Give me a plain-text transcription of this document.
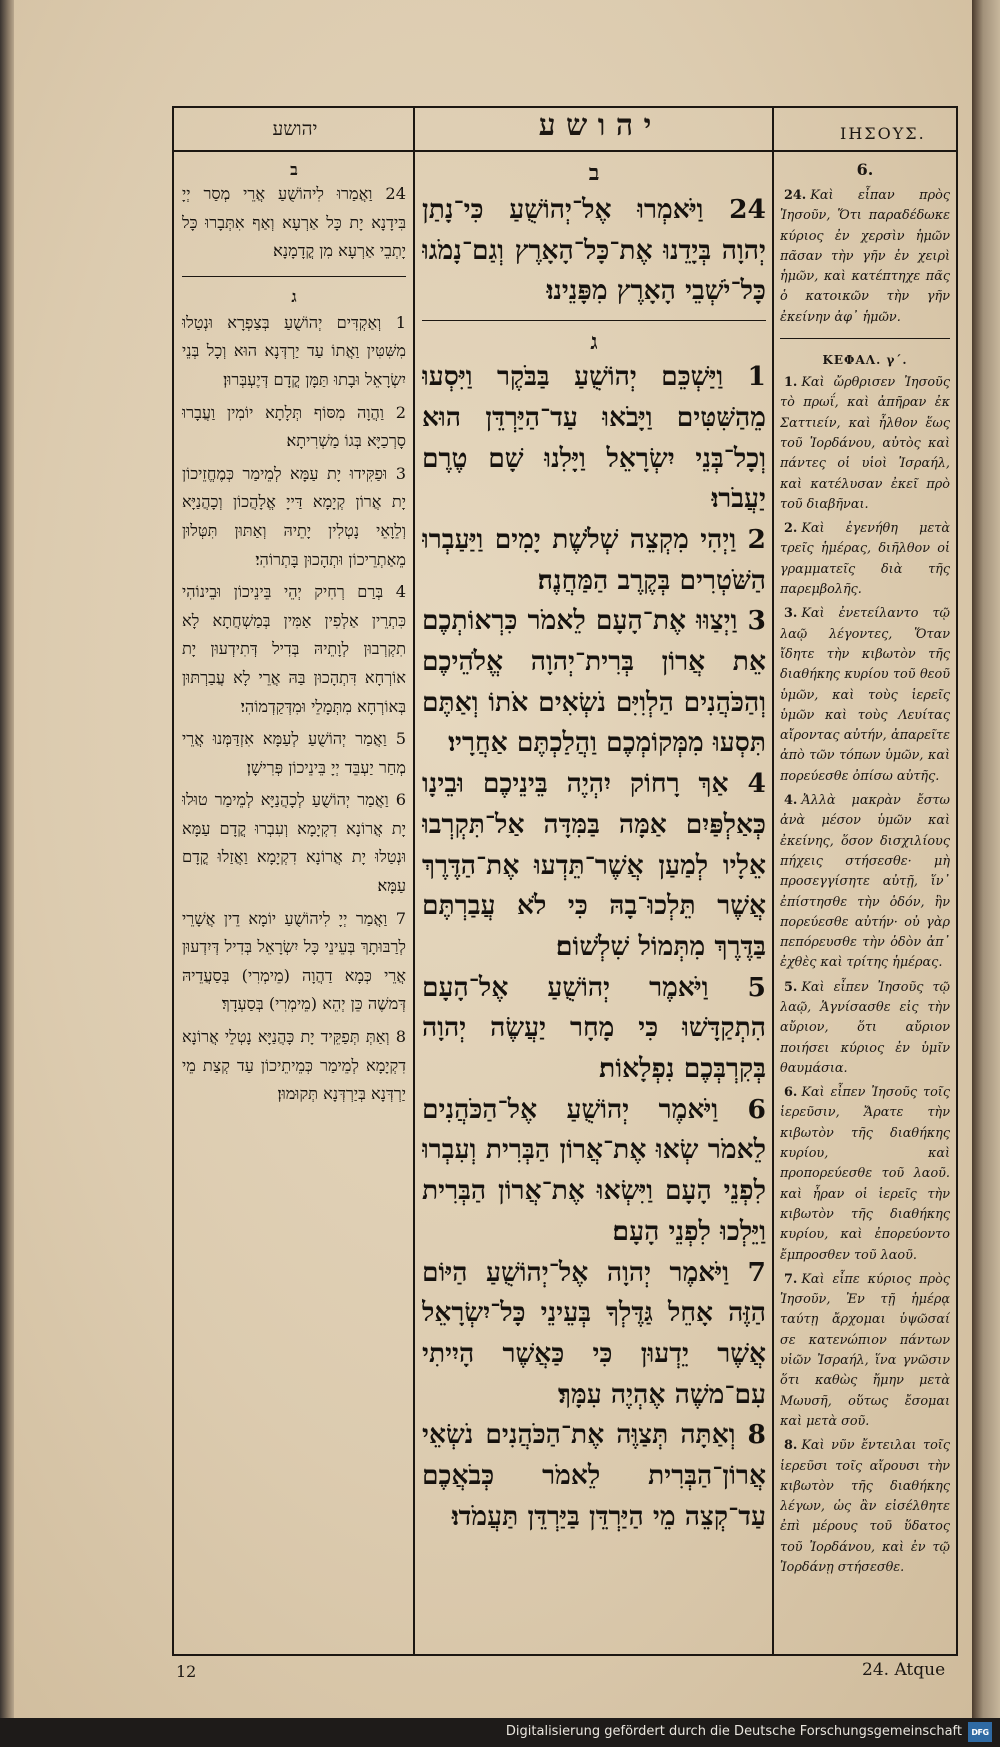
יהושע	י ה ו ש ע	ΙΗΣΟΥΣ.
ב

24 וַאֲמַרוּ לִיהוֹשֻׁעַ אֲרֵי מְסַר יְיָ בִּידָנָא יָת כָּל אַרְעָא וְאַף אִתְּבָרוּ כָּל יָתְבֵי אַרְעָא מִן קֳדָמָנָא׃

ג

1 וְאַקְדִּים יְהוֹשֻׁעַ בְּצַפְרָא וּנְטַלוּ מִשִּׁטִּין וַאֲתוֹ עַד יַרְדְּנָא הוּא וְכָל בְּנֵי יִשְׂרָאֵל וּבָתוּ תַּמָּן קֳדָם דְּיֶעְבְּרוּן׃

2 וַהֲוָה מִסּוֹף תְּלָתָא יוֹמִין וַעֲבָרוּ סָרְכַיָּא בְּגוֹ מַשְׁרִיתָא׃

3 וּפַקִּידוּ יָת עַמָּא לְמֵימַר כְּמֶחֱזֵיכוֹן יָת אֲרוֹן קְיָמָא דַּייָ אֱלָהֲכוֹן וְכָהֲנַיָּא וְלֵוָאֵי נָטְלִין יָתֵיהּ וְאַתּוּן תִּטְּלוּן מֵאַתְרֵיכוֹן וּתְהָכוּן בָּתְרוֹהִי׃

4 בְּרַם רְחִיק יְהֵי בֵּינֵיכוֹן וּבֵינוֹהִי כִּתְרֵין אַלְפִין אַמִּין בְּמַשְׁחֲתָא לָא תִקְרְבוּן לְוָתֵיהּ בְּדִיל דְּתִידְעוּן יָת אוֹרְחָא דִּתְהָכוּן בַּהּ אֲרֵי לָא עֲבַרְתּוּן בְּאוֹרְחָא מִתְּמָלֵי וּמִדְּקַדְמוֹהִי׃

5 וַאֲמַר יְהוֹשֻׁעַ לְעַמָּא אִזְדַּמְּנוּ אֲרֵי מְחַר יַעְבֵּד יְיָ בֵּינֵיכוֹן פְּרִישָׁן׃

6 וַאֲמַר יְהוֹשֻׁעַ לְכָהֲנַיָּא לְמֵימַר טוּלוּ יָת אֲרוֹנָא דִקְיָמָא וְעִבְרוּ קֳדָם עַמָּא וּנְטַלוּ יָת אֲרוֹנָא דִקְיָמָא וַאֲזַלוּ קֳדָם עַמָּא׃

7 וַאֲמַר יְיָ לִיהוֹשֻׁעַ יוֹמָא דֵין אֲשָׁרֵי לְרַבּוּתָךְ בְּעֵינֵי כָּל יִשְׂרָאֵל בְּדִיל דְּיִדְעוּן אֲרֵי כְּמָא דַהֲוָה (מֵימְרִי) בְּסַעֲדֵיהּ דְּמשֶׁה כֵּן יְהֵא (מֵימְרִי) בְּסַעְדָךְ׃

8 וְאַתְּ תְּפַקֵּיד יָת כָּהֲנַיָּא נָטְלֵי אֲרוֹנָא דִקְיָמָא לְמֵימַר כְּמֵיתֵיכוֹן עַד קְצַת מֵי יַרְדְּנָא בְּיַרְדְּנָא תְּקוּמוּן׃

ב

24 וַיֹּאמְרוּ אֶל־יְהוֹשֻׁעַ כִּי־נָתַן יְהוָה בְּיָדֵנוּ אֶת־כָּל־הָאָרֶץ וְגַם־נָמֹגוּ כָּל־יֹשְׁבֵי הָאָרֶץ מִפָּנֵינוּ׃

ג

1 וַיַּשְׁכֵּם יְהוֹשֻׁעַ בַּבֹּקֶר וַיִּסְעוּ מֵהַשִּׁטִּים וַיָּבֹאוּ עַד־הַיַּרְדֵּן הוּא וְכָל־בְּנֵי יִשְׂרָאֵל וַיָּלִנוּ שָׁם טֶרֶם יַעֲבֹרוּ׃

2 וַיְהִי מִקְצֵה שְׁלֹשֶׁת יָמִים וַיַּעַבְרוּ הַשֹּׁטְרִים בְּקֶרֶב הַמַּחֲנֶה׃

3 וַיְצַוּוּ אֶת־הָעָם לֵאמֹר כִּרְאוֹתְכֶם אֵת אֲרוֹן בְּרִית־יְהוָה אֱלֹהֵיכֶם וְהַכֹּהֲנִים הַלְוִיִּם נֹשְׂאִים אֹתוֹ וְאַתֶּם תִּסְעוּ מִמְּקוֹמְכֶם וַהֲלַכְתֶּם אַחֲרָיו׃

4 אַךְ רָחוֹק יִהְיֶה בֵּינֵיכֶם וּבֵינָו כְּאַלְפַּיִם אַמָּה בַּמִּדָּה אַל־תִּקְרְבוּ אֵלָיו לְמַעַן אֲשֶׁר־תֵּדְעוּ אֶת־הַדֶּרֶךְ אֲשֶׁר תֵּלְכוּ־בָהּ כִּי לֹא עֲבַרְתֶּם בַּדֶּרֶךְ מִתְּמוֹל שִׁלְשׁוֹם׃

5 וַיֹּאמֶר יְהוֹשֻׁעַ אֶל־הָעָם הִתְקַדָּשׁוּ כִּי מָחָר יַעֲשֶׂה יְהוָה בְּקִרְבְּכֶם נִפְלָאוֹת׃

6 וַיֹּאמֶר יְהוֹשֻׁעַ אֶל־הַכֹּהֲנִים לֵאמֹר שְׂאוּ אֶת־אֲרוֹן הַבְּרִית וְעִבְרוּ לִפְנֵי הָעָם וַיִּשְׂאוּ אֶת־אֲרוֹן הַבְּרִית וַיֵּלְכוּ לִפְנֵי הָעָם׃

7 וַיֹּאמֶר יְהוָה אֶל־יְהוֹשֻׁעַ הַיּוֹם הַזֶּה אָחֵל גַּדֶּלְךָ בְּעֵינֵי כָּל־יִשְׂרָאֵל אֲשֶׁר יֵדְעוּן כִּי כַּאֲשֶׁר הָיִיתִי עִם־משֶׁה אֶהְיֶה עִמָּךְ׃

8 וְאַתָּה תְּצַוֶּה אֶת־הַכֹּהֲנִים נֹשְׂאֵי אֲרוֹן־הַבְּרִית לֵאמֹר כְּבֹאֲכֶם עַד־קְצֵה מֵי הַיַּרְדֵּן בַּיַּרְדֵּן תַּעֲמֹדוּ׃

6.

24. Καὶ εἶπαν πρὸς Ἰησοῦν, Ὅτι παραδέδωκε κύριος ἐν χερσὶν ἡμῶν πᾶσαν τὴν γῆν ἐν χειρὶ ἡμῶν, καὶ κατέπτηχε πᾶς ὁ κατοικῶν τὴν γῆν ἐκείνην ἀφ᾽ ἡμῶν.

ΚΕΦΑΛ. γ΄.

1. Καὶ ὤρθρισεν Ἰησοῦς τὸ πρωΐ, καὶ ἀπῆραν ἐκ Σαττιείν, καὶ ἦλθον ἕως τοῦ Ἰορδάνου, αὐτὸς καὶ πάντες οἱ υἱοὶ Ἰσραήλ, καὶ κατέλυσαν ἐκεῖ πρὸ τοῦ διαβῆναι.

2. Καὶ ἐγενήθη μετὰ τρεῖς ἡμέρας, διῆλθον οἱ γραμματεῖς διὰ τῆς παρεμβολῆς.

3. Καὶ ἐνετείλαντο τῷ λαῷ λέγοντες, Ὅταν ἴδητε τὴν κιβωτὸν τῆς διαθήκης κυρίου τοῦ θεοῦ ὑμῶν, καὶ τοὺς ἱερεῖς ὑμῶν καὶ τοὺς Λευίτας αἴροντας αὐτήν, ἀπαρεῖτε ἀπὸ τῶν τόπων ὑμῶν, καὶ πορεύεσθε ὀπίσω αὐτῆς.

4. Ἀλλὰ μακρὰν ἔστω ἀνὰ μέσον ὑμῶν καὶ ἐκείνης, ὅσον δισχιλίους πήχεις στήσεσθε· μὴ προσεγγίσητε αὐτῇ, ἵν᾽ ἐπίστησθε τὴν ὁδόν, ἣν πορεύεσθε αὐτήν· οὐ γὰρ πεπόρευσθε τὴν ὁδὸν ἀπ᾽ ἐχθὲς καὶ τρίτης ἡμέρας.

5. Καὶ εἶπεν Ἰησοῦς τῷ λαῷ, Ἁγνίσασθε εἰς τὴν αὔριον, ὅτι αὔριον ποιήσει κύριος ἐν ὑμῖν θαυμάσια.

6. Καὶ εἶπεν Ἰησοῦς τοῖς ἱερεῦσιν, Ἄρατε τὴν κιβωτὸν τῆς διαθήκης κυρίου, καὶ προπορεύεσθε τοῦ λαοῦ. καὶ ἦραν οἱ ἱερεῖς τὴν κιβωτὸν τῆς διαθήκης κυρίου, καὶ ἐπορεύοντο ἔμπροσθεν τοῦ λαοῦ.

7. Καὶ εἶπε κύριος πρὸς Ἰησοῦν, Ἐν τῇ ἡμέρᾳ ταύτῃ ἄρχομαι ὑψῶσαί σε κατενώπιον πάντων υἱῶν Ἰσραήλ, ἵνα γνῶσιν ὅτι καθὼς ἤμην μετὰ Μωυσῆ, οὕτως ἔσομαι καὶ μετὰ σοῦ.

8. Καὶ νῦν ἔντειλαι τοῖς ἱερεῦσι τοῖς αἴρουσι τὴν κιβωτὸν τῆς διαθήκης λέγων, ὡς ἂν εἰσέλθητε ἐπὶ μέρους τοῦ ὕδατος τοῦ Ἰορδάνου, καὶ ἐν τῷ Ἰορδάνῃ στήσεσθε.

12	24. Atque
Digitalisierung gefördert durch die Deutsche Forschungsgemeinschaft	DFG
